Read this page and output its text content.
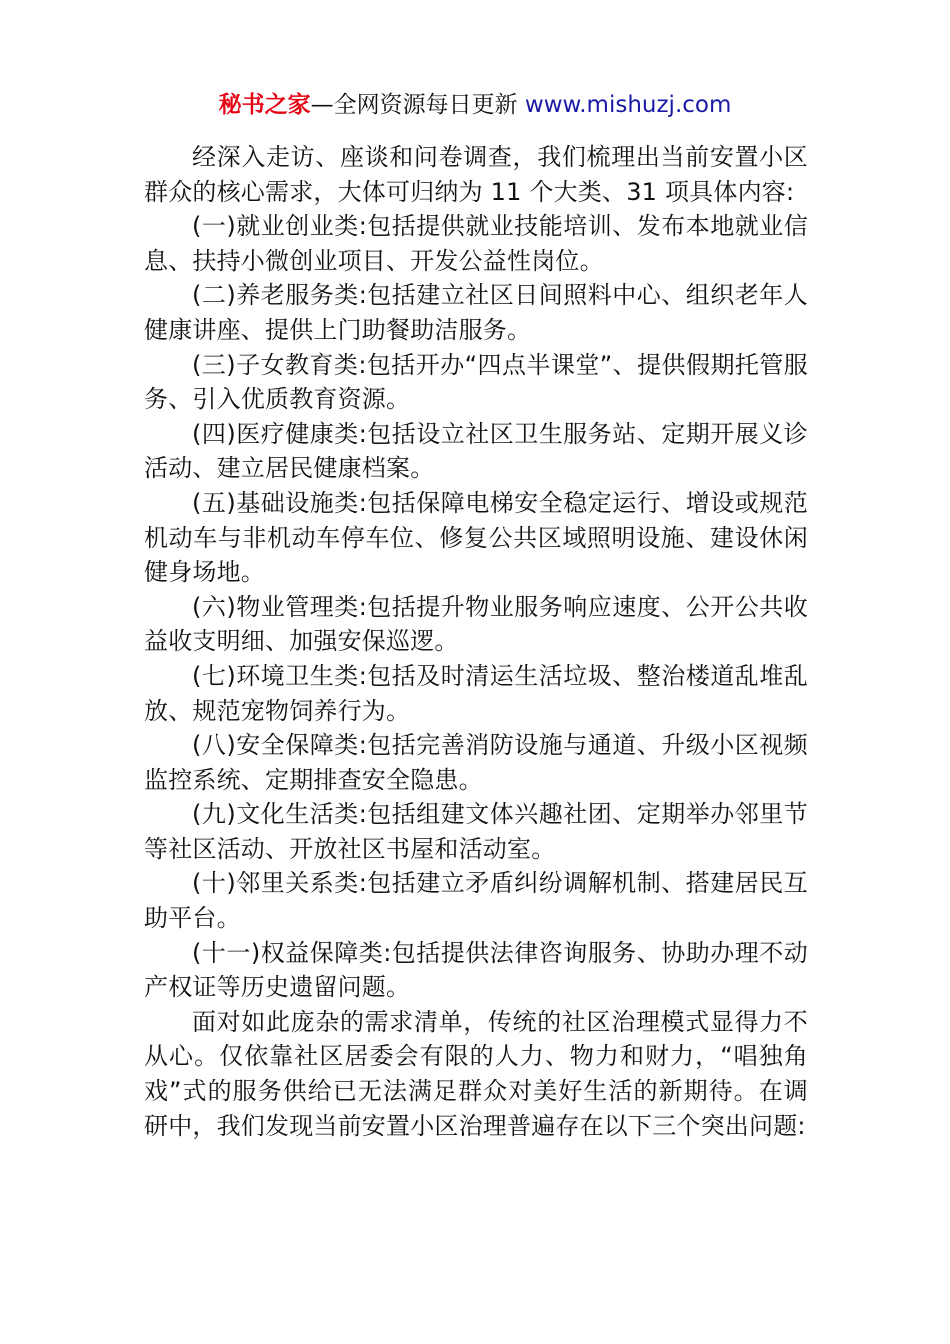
秘书之家—全网资源每日更新 www.mishuzj.com

经深入走访、座谈和问卷调查，我们梳理出当前安置小区群众的核心需求，大体可归纳为 11 个大类、31 项具体内容:

(一)就业创业类:包括提供就业技能培训、发布本地就业信息、扶持小微创业项目、开发公益性岗位。

(二)养老服务类:包括建立社区日间照料中心、组织老年人健康讲座、提供上门助餐助洁服务。

(三)子女教育类:包括开办“四点半课堂”、提供假期托管服务、引入优质教育资源。

(四)医疗健康类:包括设立社区卫生服务站、定期开展义诊活动、建立居民健康档案。

(五)基础设施类:包括保障电梯安全稳定运行、增设或规范机动车与非机动车停车位、修复公共区域照明设施、建设休闲健身场地。

(六)物业管理类:包括提升物业服务响应速度、公开公共收益收支明细、加强安保巡逻。

(七)环境卫生类:包括及时清运生活垃圾、整治楼道乱堆乱放、规范宠物饲养行为。

(八)安全保障类:包括完善消防设施与通道、升级小区视频监控系统、定期排查安全隐患。

(九)文化生活类:包括组建文体兴趣社团、定期举办邻里节等社区活动、开放社区书屋和活动室。

(十)邻里关系类:包括建立矛盾纠纷调解机制、搭建居民互助平台。

(十一)权益保障类:包括提供法律咨询服务、协助办理不动产权证等历史遗留问题。

面对如此庞杂的需求清单，传统的社区治理模式显得力不从心。仅依靠社区居委会有限的人力、物力和财力，“唱独角戏”式的服务供给已无法满足群众对美好生活的新期待。在调研中，我们发现当前安置小区治理普遍存在以下三个突出问题:
